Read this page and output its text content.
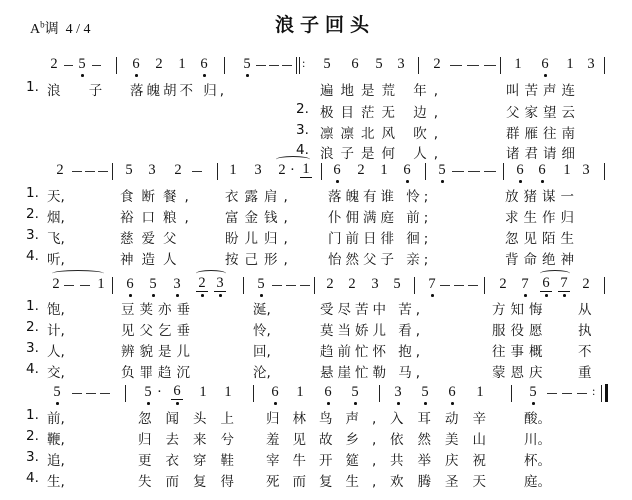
$A^b$调 4 / 4	浪子回头
2 5	6 2 1 6 5	: 5 6 5 3 2	1 6 1 3
1. 浪 子 落魄胡不 归,	遍地是荒 年,	叫苦声连
2. 极目茫无 边,	父家望云
3. 凛凛北风 吹,	群雁往南
4. 浪子是何 人,	诸君请细
2	5 3 2	1 3 2 · 1 6 2 1 6 5	6 6 1 3
1. 天,	食断餐, 衣露肩,	落魄有谁 怜;	放猪谋一
2. 烟,	裕口粮, 富金钱,	仆佣满庭 前;	求生作归
3. 飞,	慈爱父	盼儿归,	门前日徘 徊;	忽见陌生
4. 听,	神造人	按己形,	怡然父子 亲;	背命绝神
2	1 6 5 3 2 3 5	2 2 3 5 7	2 7 6 7 2
1. 饱,	豆荚亦垂	涎,	受尽苦中 苦,	方知悔 从
2. 计,	见父乞垂	怜,	莫当娇儿 看,	服役愿 执
3. 人,	辨貌是儿	回,	趋前忙怀 抱,	往事概 不
4. 交,	负罪趋沉	沦,	悬崖忙勒 马,	蒙恩庆 重
5	5 · 6 1 1	6 1 6 5 3 5 6 1	5	:
1. 前,	忽闻头上 归林鸟声, 入耳动辛 酸。
2. 鞭,	归去来兮 羞见故乡, 依然美山 川。
3. 追,	更衣穿鞋 宰牛开筵, 共举庆祝 杯。
4. 生,	失而复得 死而复生, 欢腾圣天 庭。
